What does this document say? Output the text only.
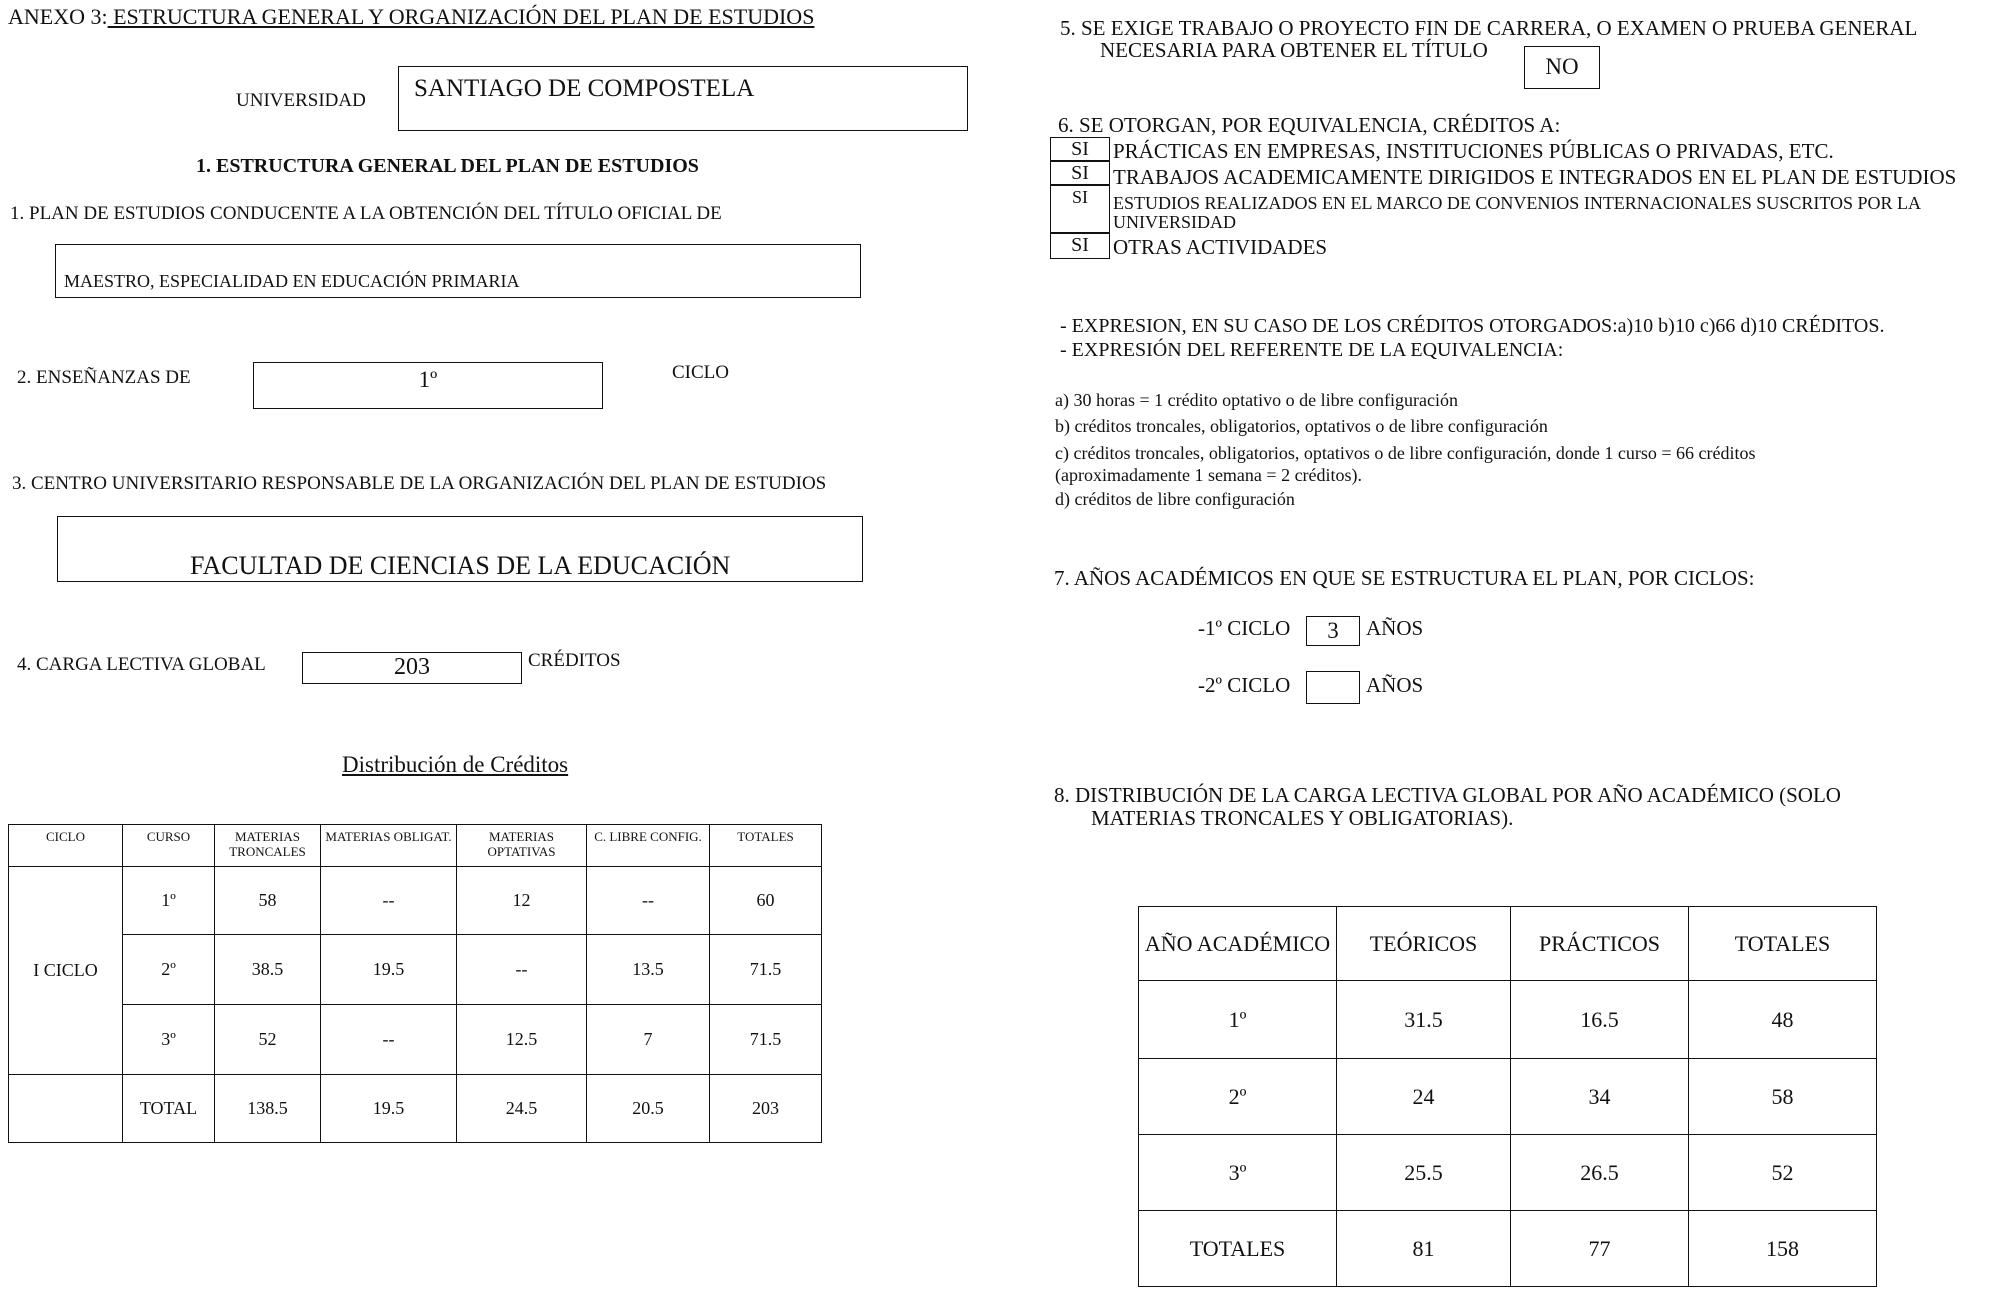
ANEXO 3: ESTRUCTURA GENERAL Y ORGANIZACIÓN DEL PLAN DE ESTUDIOS
UNIVERSIDAD SANTIAGO DE COMPOSTELA
1. ESTRUCTURA GENERAL DEL PLAN DE ESTUDIOS
1. PLAN DE ESTUDIOS CONDUCENTE A LA OBTENCIÓN DEL TÍTULO OFICIAL DE
MAESTRO, ESPECIALIDAD EN EDUCACIÓN PRIMARIA
2. ENSEÑANZAS DE	1º	CICLO
3. CENTRO UNIVERSITARIO RESPONSABLE DE LA ORGANIZACIÓN DEL PLAN DE ESTUDIOS
FACULTAD DE CIENCIAS DE LA EDUCACIÓN
4. CARGA LECTIVA GLOBAL	203	CRÉDITOS
Distribución de Créditos
CICLO	CURSO	MATERIAS TRONCALES	MATERIAS OBLIGAT.	MATERIAS OPTATIVAS	C. LIBRE CONFIG.	TOTALES
I CICLO	1º	58	--	12	--	60
	2º	38.5	19.5	--	13.5	71.5
	3º	52	--	12.5	7	71.5
	TOTAL	138.5	19.5	24.5	20.5	203
5. SE EXIGE TRABAJO O PROYECTO FIN DE CARRERA, O EXAMEN O PRUEBA GENERAL
NECESARIA PARA OBTENER EL TÍTULO
NO
6. SE OTORGAN, POR EQUIVALENCIA, CRÉDITOS A:
SI	PRÁCTICAS EN EMPRESAS, INSTITUCIONES PÚBLICAS O PRIVADAS, ETC.
SI	TRABAJOS ACADEMICAMENTE DIRIGIDOS E INTEGRADOS EN EL PLAN DE ESTUDIOS
SI	ESTUDIOS REALIZADOS EN EL MARCO DE CONVENIOS INTERNACIONALES SUSCRITOS POR LA
UNIVERSIDAD
SI	OTRAS ACTIVIDADES
- EXPRESION, EN SU CASO DE LOS CRÉDITOS OTORGADOS:a)10 b)10 c)66 d)10 CRÉDITOS.
- EXPRESIÓN DEL REFERENTE DE LA EQUIVALENCIA:
a) 30 horas = 1 crédito optativo o de libre configuración
b) créditos troncales, obligatorios, optativos o de libre configuración
c) créditos troncales, obligatorios, optativos o de libre configuración, donde 1 curso = 66 créditos
(aproximadamente 1 semana = 2 créditos).
d) créditos de libre configuración
7. AÑOS ACADÉMICOS EN QUE SE ESTRUCTURA EL PLAN, POR CICLOS:
-1º CICLO	3	AÑOS
-2º CICLO	AÑOS
8. DISTRIBUCIÓN DE LA CARGA LECTIVA GLOBAL POR AÑO ACADÉMICO (SOLO
MATERIAS TRONCALES Y OBLIGATORIAS).
AÑO ACADÉMICO	TEÓRICOS	PRÁCTICOS	TOTALES
1º	31.5	16.5	48
2º	24	34	58
3º	25.5	26.5	52
TOTALES	81	77	158
